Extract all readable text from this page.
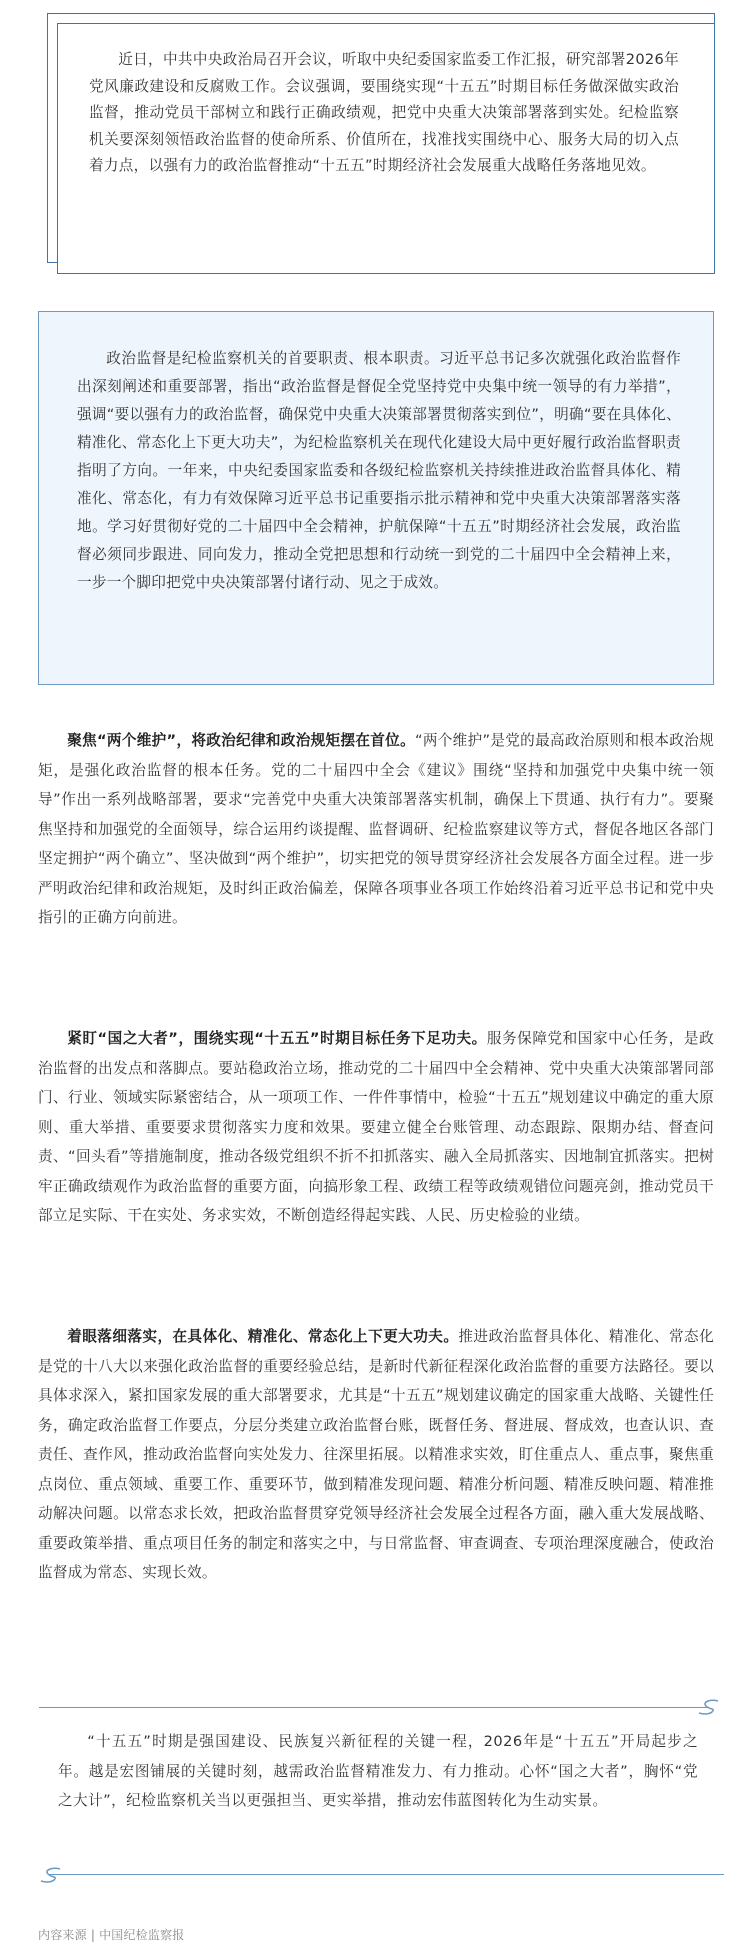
近日，中共中央政治局召开会议，听取中央纪委国家监委工作汇报，研究部署2026年党风廉政建设和反腐败工作。会议强调，要围绕实现“十五五”时期目标任务做深做实政治监督，推动党员干部树立和践行正确政绩观，把党中央重大决策部署落到实处。纪检监察机关要深刻领悟政治监督的使命所系、价值所在，找准找实围绕中心、服务大局的切入点着力点，以强有力的政治监督推动“十五五”时期经济社会发展重大战略任务落地见效。
政治监督是纪检监察机关的首要职责、根本职责。习近平总书记多次就强化政治监督作出深刻阐述和重要部署，指出“政治监督是督促全党坚持党中央集中统一领导的有力举措”，强调“要以强有力的政治监督，确保党中央重大决策部署贯彻落实到位”，明确“要在具体化、精准化、常态化上下更大功夫”，为纪检监察机关在现代化建设大局中更好履行政治监督职责指明了方向。一年来，中央纪委国家监委和各级纪检监察机关持续推进政治监督具体化、精准化、常态化，有力有效保障习近平总书记重要指示批示精神和党中央重大决策部署落实落地。学习好贯彻好党的二十届四中全会精神，护航保障“十五五”时期经济社会发展，政治监督必须同步跟进、同向发力，推动全党把思想和行动统一到党的二十届四中全会精神上来，一步一个脚印把党中央决策部署付诸行动、见之于成效。

聚焦“两个维护”，将政治纪律和政治规矩摆在首位。“两个维护”是党的最高政治原则和根本政治规矩，是强化政治监督的根本任务。党的二十届四中全会《建议》围绕“坚持和加强党中央集中统一领导”作出一系列战略部署，要求“完善党中央重大决策部署落实机制，确保上下贯通、执行有力”。要聚焦坚持和加强党的全面领导，综合运用约谈提醒、监督调研、纪检监察建议等方式，督促各地区各部门坚定拥护“两个确立”、坚决做到“两个维护”，切实把党的领导贯穿经济社会发展各方面全过程。进一步严明政治纪律和政治规矩，及时纠正政治偏差，保障各项事业各项工作始终沿着习近平总书记和党中央指引的正确方向前进。

紧盯“国之大者”，围绕实现“十五五”时期目标任务下足功夫。服务保障党和国家中心任务，是政治监督的出发点和落脚点。要站稳政治立场，推动党的二十届四中全会精神、党中央重大决策部署同部门、行业、领域实际紧密结合，从一项项工作、一件件事情中，检验“十五五”规划建议中确定的重大原则、重大举措、重要要求贯彻落实力度和效果。要建立健全台账管理、动态跟踪、限期办结、督查问责、“回头看”等措施制度，推动各级党组织不折不扣抓落实、融入全局抓落实、因地制宜抓落实。把树牢正确政绩观作为政治监督的重要方面，向搞形象工程、政绩工程等政绩观错位问题亮剑，推动党员干部立足实际、干在实处、务求实效，不断创造经得起实践、人民、历史检验的业绩。

着眼落细落实，在具体化、精准化、常态化上下更大功夫。推进政治监督具体化、精准化、常态化是党的十八大以来强化政治监督的重要经验总结，是新时代新征程深化政治监督的重要方法路径。要以具体求深入，紧扣国家发展的重大部署要求，尤其是“十五五”规划建议确定的国家重大战略、关键性任务，确定政治监督工作要点，分层分类建立政治监督台账，既督任务、督进展、督成效，也查认识、查责任、查作风，推动政治监督向实处发力、往深里拓展。以精准求实效，盯住重点人、重点事，聚焦重点岗位、重点领域、重要工作、重要环节，做到精准发现问题、精准分析问题、精准反映问题、精准推动解决问题。以常态求长效，把政治监督贯穿党领导经济社会发展全过程各方面，融入重大发展战略、重要政策举措、重点项目任务的制定和落实之中，与日常监督、审查调查、专项治理深度融合，使政治监督成为常态、实现长效。

“十五五”时期是强国建设、民族复兴新征程的关键一程，2026年是“十五五”开局起步之年。越是宏图铺展的关键时刻，越需政治监督精准发力、有力推动。心怀“国之大者”，胸怀“党之大计”，纪检监察机关当以更强担当、更实举措，推动宏伟蓝图转化为生动实景。

内容来源 | 中国纪检监察报
